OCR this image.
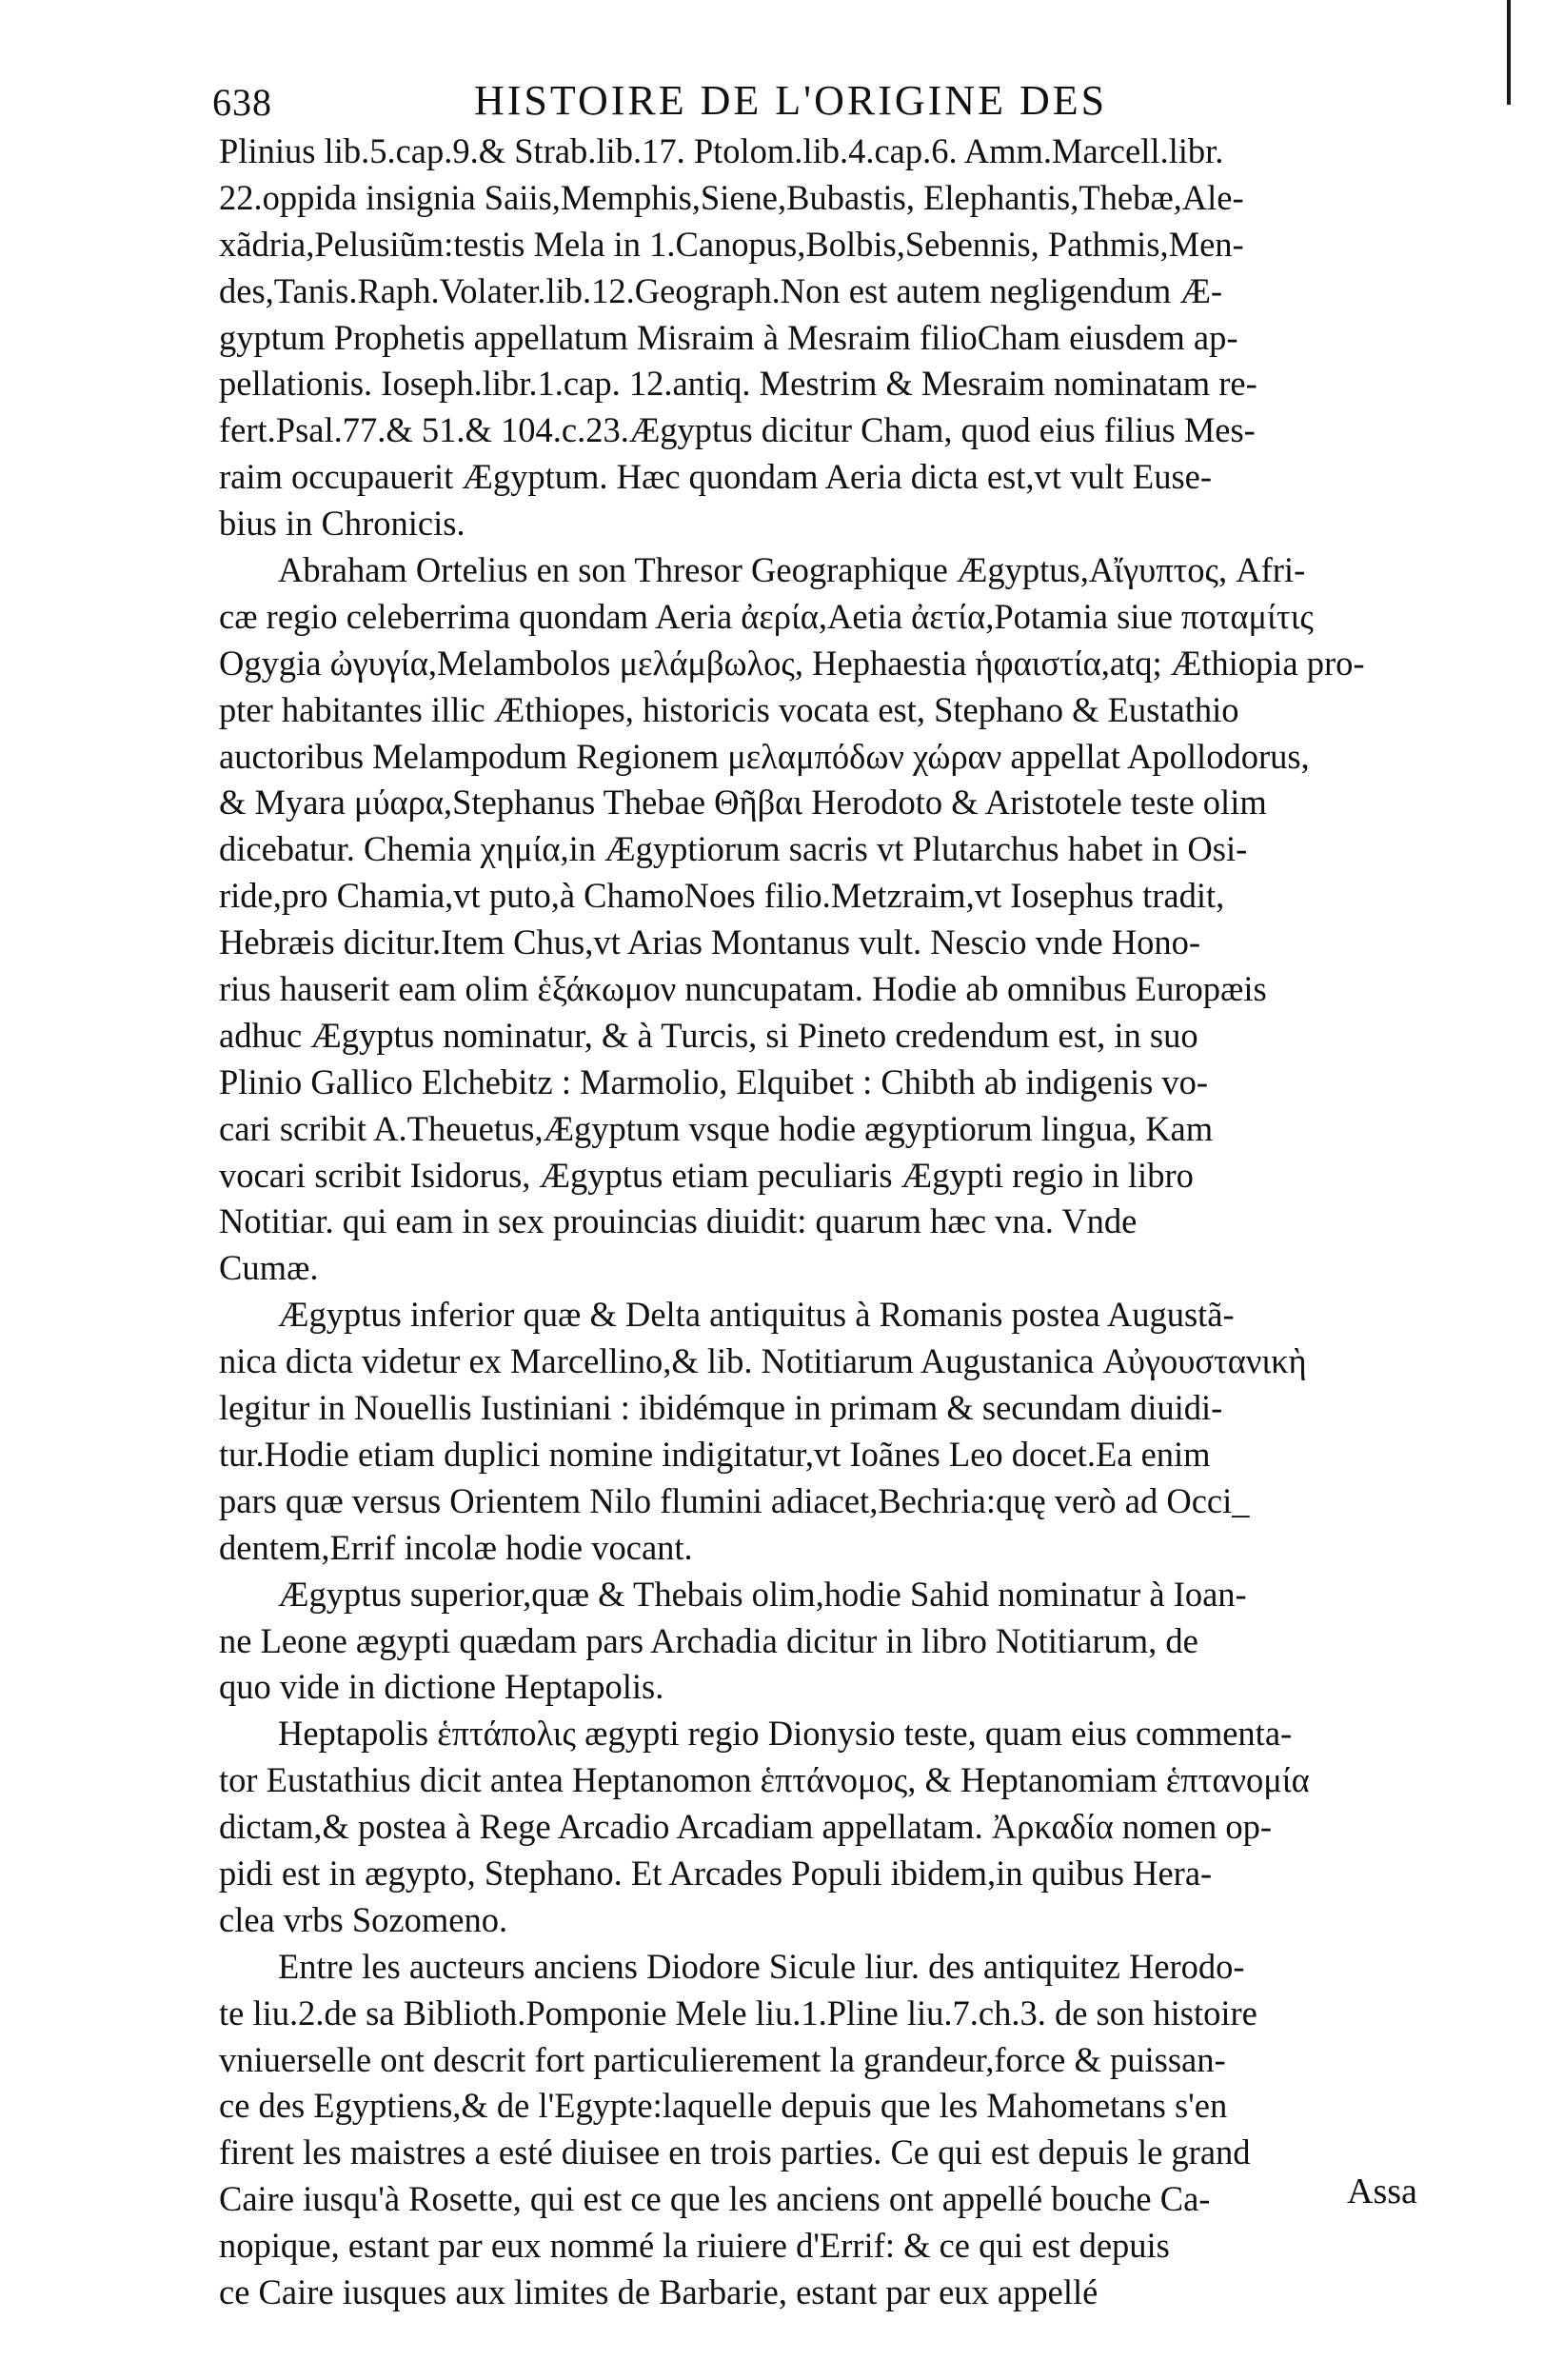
638	HISTOIRE DE L'ORIGINE DES

Plinius lib.5.cap.9.& Strab.lib.17. Ptolom.lib.4.cap.6. Amm.Marcell.libr.
22.oppida insignia Saiis,Memphis,Siene,Bubastis, Elephantis,Thebæ,Ale-
xãdria,Pelusiũm:testis Mela in 1.Canopus,Bolbis,Sebennis, Pathmis,Men-
des,Tanis.Raph.Volater.lib.12.Geograph.Non est autem negligendum Æ-
gyptum Prophetis appellatum Misraim à Mesraim filioCham eiusdem ap-
pellationis. Ioseph.libr.1.cap. 12.antiq. Mestrim & Mesraim nominatam re-
fert.Psal.77.& 51.& 104.c.23.Ægyptus dicitur Cham, quod eius filius Mes-
raim occupauerit Ægyptum. Hæc quondam Aeria dicta est,vt vult Euse-
bius in Chronicis.

Abraham Ortelius en son Thresor Geographique Ægyptus,Αἴγυπτος, Afri-
cæ regio celeberrima quondam Aeria ἀερία,Aetia ἀετία,Potamia siue ποταμίτις
Ogygia ὠγυγία,Melambolos μελάμβωλος, Hephaestia ἡφαιστία,atq; Æthiopia pro-
pter habitantes illic Æthiopes, historicis vocata est, Stephano & Eustathio
auctoribus Melampodum Regionem μελαμπόδων χώραν appellat Apollodorus,
& Myara μύαρα,Stephanus Thebae Θῆβαι Herodoto & Aristotele teste olim
dicebatur. Chemia χημία,in Ægyptiorum sacris vt Plutarchus habet in Osi-
ride,pro Chamia,vt puto,à ChamoNoes filio.Metzraim,vt Iosephus tradit,
Hebræis dicitur.Item Chus,vt Arias Montanus vult. Nescio vnde Hono-
rius hauserit eam olim ἑξάκωμον nuncupatam. Hodie ab omnibus Europæis
adhuc Ægyptus nominatur, & à Turcis, si Pineto credendum est, in suo
Plinio Gallico Elchebitz : Marmolio, Elquibet : Chibth ab indigenis vo-
cari scribit A.Theuetus,Ægyptum vsque hodie ægyptiorum lingua, Kam
vocari scribit Isidorus, Ægyptus etiam peculiaris Ægypti regio in libro
Notitiar. qui eam in sex prouincias diuidit: quarum hæc vna. Vnde
Cumæ.

Ægyptus inferior quæ & Delta antiquitus à Romanis postea Augustã-
nica dicta videtur ex Marcellino,& lib. Notitiarum Augustanica Αὐγουστανικὴ
legitur in Nouellis Iustiniani : ibidémque in primam & secundam diuidi-
tur.Hodie etiam duplici nomine indigitatur,vt Ioãnes Leo docet.Ea enim
pars quæ versus Orientem Nilo flumini adiacet,Bechria:quę verò ad Occi_
dentem,Errif incolæ hodie vocant.

Ægyptus superior,quæ & Thebais olim,hodie Sahid nominatur à Ioan-
ne Leone ægypti quædam pars Archadia dicitur in libro Notitiarum, de
quo vide in dictione Heptapolis.

Heptapolis ἑπτάπολις ægypti regio Dionysio teste, quam eius commenta-
tor Eustathius dicit antea Heptanomon ἑπτάνομος, & Heptanomiam ἑπτανομία
dictam,& postea à Rege Arcadio Arcadiam appellatam. Ἀρκαδία nomen op-
pidi est in ægypto, Stephano. Et Arcades Populi ibidem,in quibus Hera-
clea vrbs Sozomeno.

Entre les aucteurs anciens Diodore Sicule liur. des antiquitez Herodo-
te liu.2.de sa Biblioth.Pomponie Mele liu.1.Pline liu.7.ch.3. de son histoire
vniuerselle ont descrit fort particulierement la grandeur,force & puissan-
ce des Egyptiens,& de l'Egypte:laquelle depuis que les Mahometans s'en
firent les maistres a esté diuisee en trois parties. Ce qui est depuis le grand
Caire iusqu'à Rosette, qui est ce que les anciens ont appellé bouche Ca-
nopique, estant par eux nommé la riuiere d'Errif: & ce qui est depuis
ce Caire iusques aux limites de Barbarie, estant par eux appellé

Assa
